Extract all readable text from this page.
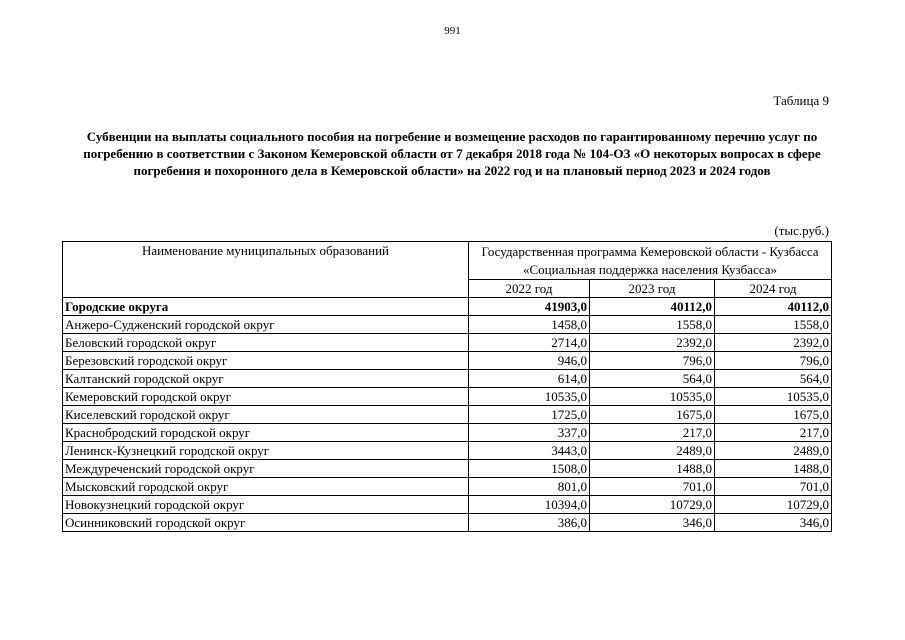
991
Таблица 9
Субвенции на выплаты социального пособия на погребение и возмещение расходов по гарантированному перечню услуг по погребению в соответствии с Законом Кемеровской области от 7 декабря 2018 года № 104-ОЗ «О некоторых вопросах в сфере погребения и похоронного дела в Кемеровской области» на 2022 год и на плановый период 2023 и 2024 годов
(тыс.руб.)
Наименование муниципальных образований	Государственная программа Кемеровской области - Кузбасса «Социальная поддержка населения Кузбасса»		
	2022 год	2023 год	2024 год
Городские округа	41903,0	40112,0	40112,0
Анжеро-Судженский городской округ	1458,0	1558,0	1558,0
Беловский городской округ	2714,0	2392,0	2392,0
Березовский городской округ	946,0	796,0	796,0
Калтанский городской округ	614,0	564,0	564,0
Кемеровский городской округ	10535,0	10535,0	10535,0
Киселевский городской округ	1725,0	1675,0	1675,0
Краснобродский городской округ	337,0	217,0	217,0
Ленинск-Кузнецкий городской округ	3443,0	2489,0	2489,0
Междуреченский городской округ	1508,0	1488,0	1488,0
Мысковский городской округ	801,0	701,0	701,0
Новокузнецкий городской округ	10394,0	10729,0	10729,0
Осинниковский городской округ	386,0	346,0	346,0
